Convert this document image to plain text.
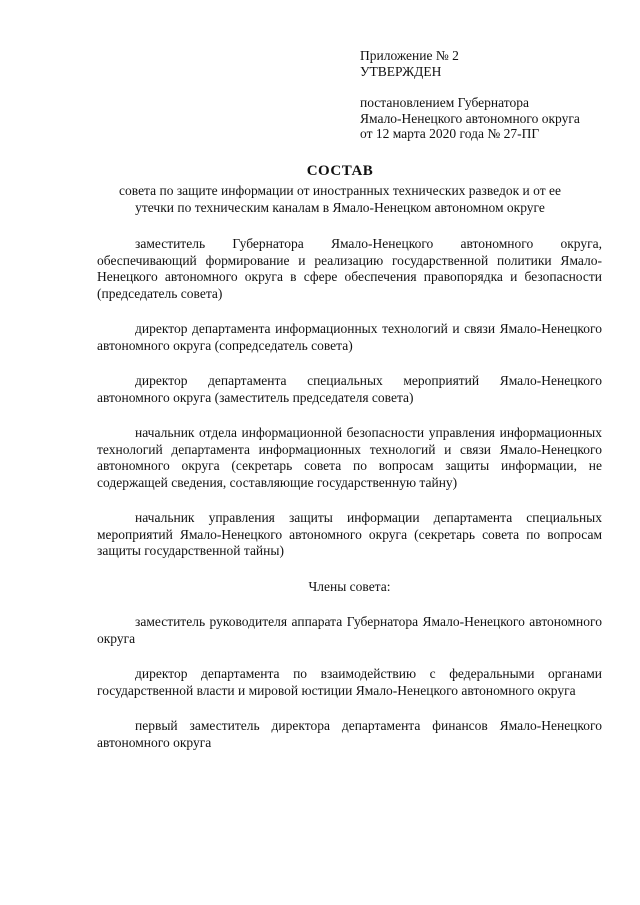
Приложение № 2
УТВЕРЖДЕН
постановлением Губернатора
Ямало-Ненецкого автономного округа
от 12 марта 2020 года № 27-ПГ
СОСТАВ
совета по защите информации от иностранных технических разведок и от ее
утечки по техническим каналам в Ямало-Ненецком автономном округе

заместитель Губернатора Ямало-Ненецкого автономного округа, обеспечивающий формирование и реализацию государственной политики Ямало-Ненецкого автономного округа в сфере обеспечения правопорядка и безопасности (председатель совета)

директор департамента информационных технологий и связи Ямало-Ненецкого автономного округа (сопредседатель совета)

директор департамента специальных мероприятий Ямало-Ненецкого автономного округа (заместитель председателя совета)

начальник отдела информационной безопасности управления информационных технологий департамента информационных технологий и связи Ямало-Ненецкого автономного округа (секретарь совета по вопросам защиты информации, не содержащей сведения, составляющие государственную тайну)

начальник управления защиты информации департамента специальных мероприятий Ямало-Ненецкого автономного округа (секретарь совета по вопросам защиты государственной тайны)

Члены совета:

заместитель руководителя аппарата Губернатора Ямало-Ненецкого автономного округа

директор департамента по взаимодействию с федеральными органами государственной власти и мировой юстиции Ямало-Ненецкого автономного округа

первый заместитель директора департамента финансов Ямало-Ненецкого автономного округа
